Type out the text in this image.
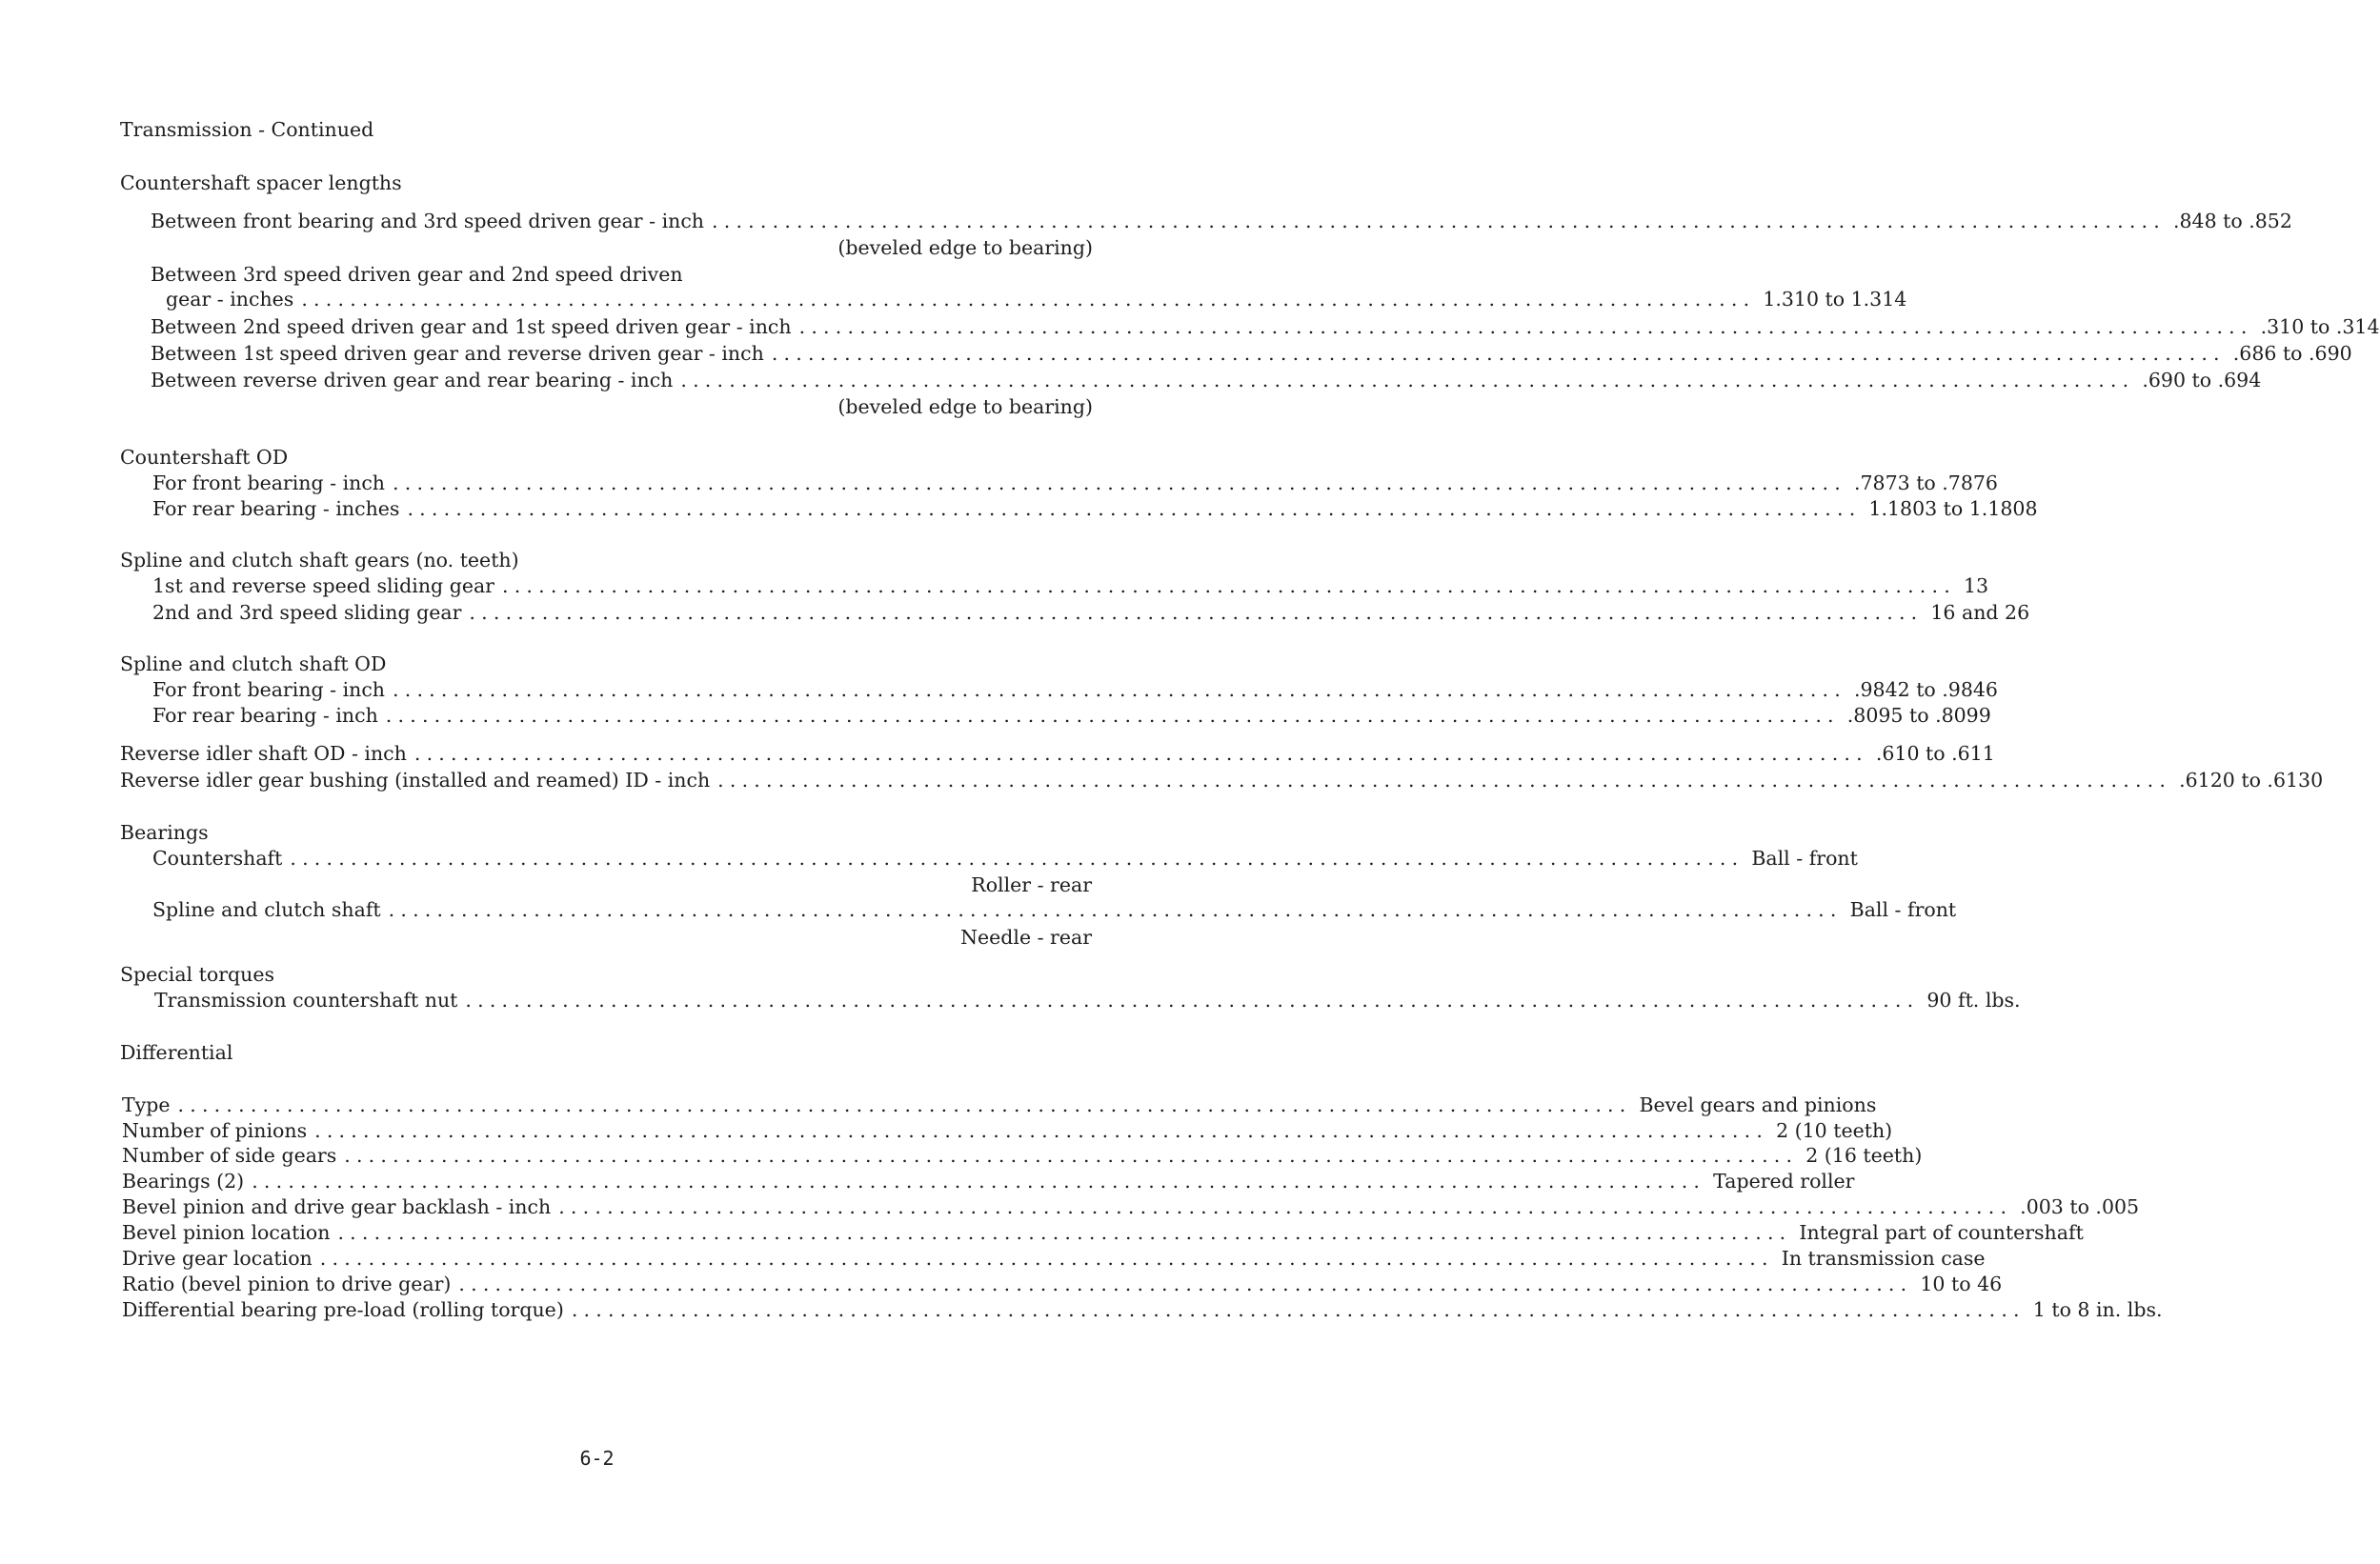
Transmission - Continued
Countershaft spacer lengths
Between front bearing and 3rd speed driven gear - inch ........................................................................................................................ .848 to .852
(beveled edge to bearing)
Between 3rd speed driven gear and 2nd speed driven
gear - inches ........................................................................................................................ 1.310 to 1.314
Between 2nd speed driven gear and 1st speed driven gear - inch ........................................................................................................................ .310 to .314
Between 1st speed driven gear and reverse driven gear - inch ........................................................................................................................ .686 to .690
Between reverse driven gear and rear bearing - inch ........................................................................................................................ .690 to .694
(beveled edge to bearing)
Countershaft OD
For front bearing - inch ........................................................................................................................ .7873 to .7876
For rear bearing - inches ........................................................................................................................ 1.1803 to 1.1808
Spline and clutch shaft gears (no. teeth)
1st and reverse speed sliding gear ........................................................................................................................ 13
2nd and 3rd speed sliding gear ........................................................................................................................ 16 and 26
Spline and clutch shaft OD
For front bearing - inch ........................................................................................................................ .9842 to .9846
For rear bearing - inch ........................................................................................................................ .8095 to .8099
Reverse idler shaft OD - inch ........................................................................................................................ .610 to .611
Reverse idler gear bushing (installed and reamed) ID - inch ........................................................................................................................ .6120 to .6130
Bearings
Countershaft ........................................................................................................................ Ball - front
Roller - rear
Spline and clutch shaft ........................................................................................................................ Ball - front
Needle - rear
Special torques
Transmission countershaft nut ........................................................................................................................ 90 ft. lbs.
Differential
Type ........................................................................................................................ Bevel gears and pinions
Number of pinions ........................................................................................................................ 2 (10 teeth)
Number of side gears ........................................................................................................................ 2 (16 teeth)
Bearings (2) ........................................................................................................................ Tapered roller
Bevel pinion and drive gear backlash - inch ........................................................................................................................ .003 to .005
Bevel pinion location ........................................................................................................................ Integral part of countershaft
Drive gear location ........................................................................................................................ In transmission case
Ratio (bevel pinion to drive gear) ........................................................................................................................ 10 to 46
Differential bearing pre-load (rolling torque) ........................................................................................................................ 1 to 8 in. lbs.
6-2
